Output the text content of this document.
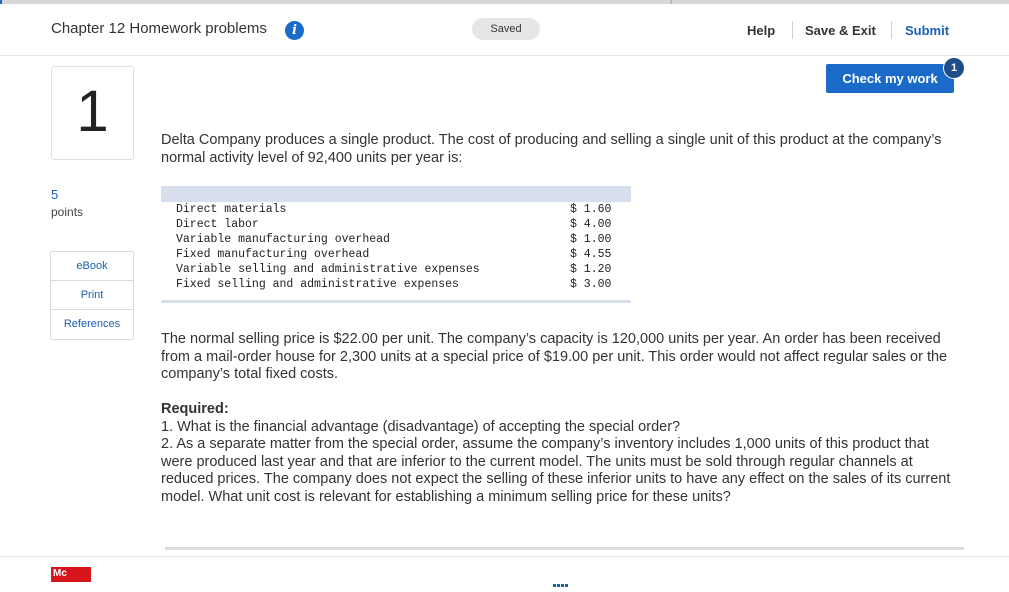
Chapter 12 Homework problems	i	Saved	Help Save & Exit Submit
1
5
points
eBook
Print
References
Check my work
1
Delta Company produces a single product. The cost of producing and selling a single unit of this product at the company’s normal activity level of 92,400 units per year is:
Direct materials	$ 1.60
Direct labor	$ 4.00
Variable manufacturing overhead	$ 1.00
Fixed manufacturing overhead	$ 4.55
Variable selling and administrative expenses	$ 1.20
Fixed selling and administrative expenses	$ 3.00
The normal selling price is $22.00 per unit. The company’s capacity is 120,000 units per year. An order has been received from a mail-order house for 2,300 units at a special price of $19.00 per unit. This order would not affect regular sales or the company’s total fixed costs.
Required:
1. What is the financial advantage (disadvantage) of accepting the special order?
2. As a separate matter from the special order, assume the company’s inventory includes 1,000 units of this product that were produced last year and that are inferior to the current model. The units must be sold through regular channels at reduced prices. The company does not expect the selling of these inferior units to have any effect on the sales of its current model. What unit cost is relevant for establishing a minimum selling price for these units?
Mc
